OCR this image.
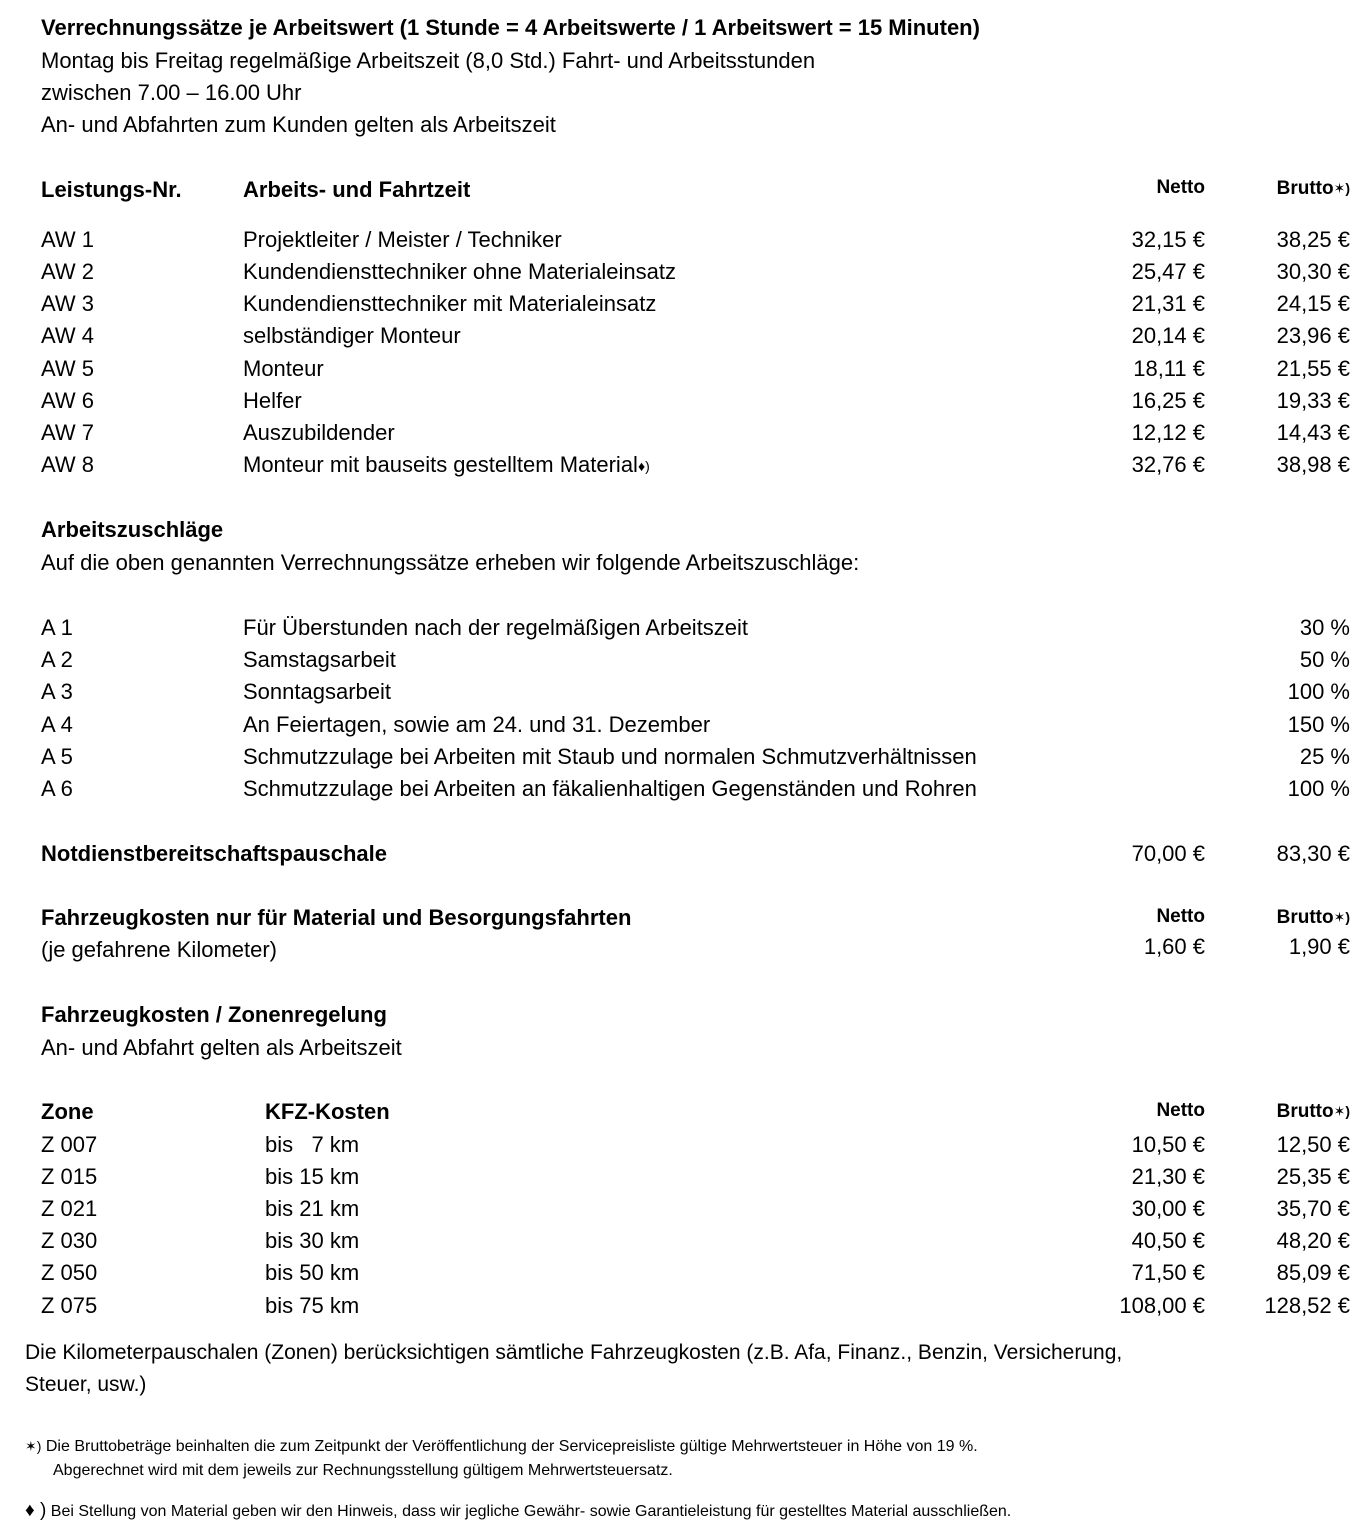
Verrechnungssätze je Arbeitswert (1 Stunde = 4 Arbeitswerte / 1 Arbeitswert = 15 Minuten)
Montag bis Freitag regelmäßige Arbeitszeit (8,0 Std.) Fahrt- und Arbeitsstunden
zwischen 7.00 – 16.00 Uhr
An- und Abfahrten zum Kunden gelten als Arbeitszeit
Leistungs-Nr.	Arbeits- und Fahrtzeit	Netto	Brutto✶)
AW 1	Projektleiter / Meister / Techniker	32,15 €	38,25 €
AW 2	Kundendiensttechniker ohne Materialeinsatz	25,47 €	30,30 €
AW 3	Kundendiensttechniker mit Materialeinsatz	21,31 €	24,15 €
AW 4	selbständiger Monteur	20,14 €	23,96 €
AW 5	Monteur	18,11 €	21,55 €
AW 6	Helfer	16,25 €	19,33 €
AW 7	Auszubildender	12,12 €	14,43 €
AW 8	Monteur mit bauseits gestelltem Material♦)	32,76 €	38,98 €
Arbeitszuschläge
Auf die oben genannten Verrechnungssätze erheben wir folgende Arbeitszuschläge:
A 1	Für Überstunden nach der regelmäßigen Arbeitszeit	30 %
A 2	Samstagsarbeit	50 %
A 3	Sonntagsarbeit	100 %
A 4	An Feiertagen, sowie am 24. und 31. Dezember	150 %
A 5	Schmutzzulage bei Arbeiten mit Staub und normalen Schmutzverhältnissen	25 %
A 6	Schmutzzulage bei Arbeiten an fäkalienhaltigen Gegenständen und Rohren	100 %
Notdienstbereitschaftspauschale	70,00 €	83,30 €
Fahrzeugkosten nur für Material und Besorgungsfahrten	Netto	Brutto✶)
(je gefahrene Kilometer)	1,60 €	1,90 €
Fahrzeugkosten / Zonenregelung
An- und Abfahrt gelten als Arbeitszeit
Zone	KFZ-Kosten	Netto	Brutto✶)
Z 007	bis   7 km	10,50 €	12,50 €
Z 015	bis 15 km	21,30 €	25,35 €
Z 021	bis 21 km	30,00 €	35,70 €
Z 030	bis 30 km	40,50 €	48,20 €
Z 050	bis 50 km	71,50 €	85,09 €
Z 075	bis 75 km	108,00 €	128,52 €
Die Kilometerpauschalen (Zonen) berücksichtigen sämtliche Fahrzeugkosten (z.B. Afa, Finanz., Benzin, Versicherung,
Steuer, usw.)
✶) Die Bruttobeträge beinhalten die zum Zeitpunkt der Veröffentlichung der Servicepreisliste gültige Mehrwertsteuer in Höhe von 19 %.
Abgerechnet wird mit dem jeweils zur Rechnungsstellung gültigem Mehrwertsteuersatz.
♦ ) Bei Stellung von Material geben wir den Hinweis, dass wir jegliche Gewähr- sowie Garantieleistung für gestelltes Material ausschließen.
